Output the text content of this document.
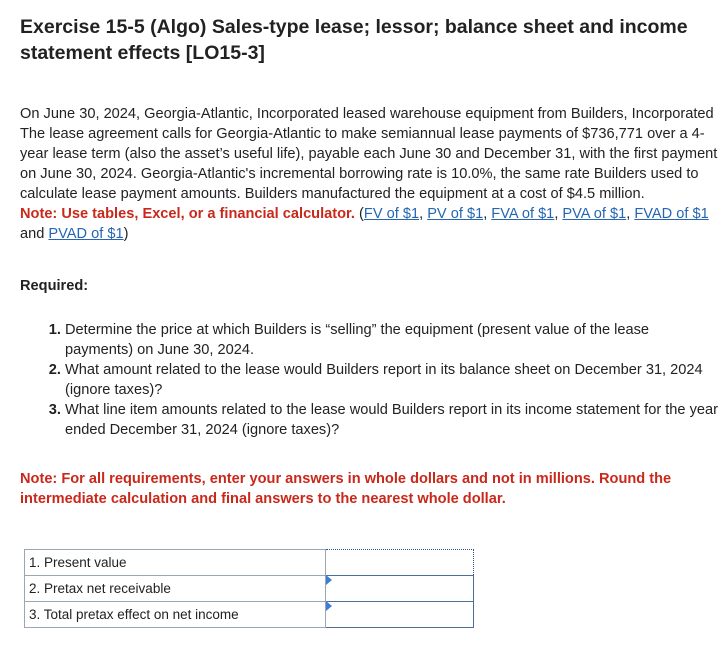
Exercise 15-5 (Algo) Sales-type lease; lessor; balance sheet and income statement effects [LO15-3]

On June 30, 2024, Georgia-Atlantic, Incorporated leased warehouse equipment from Builders, Incorporated The lease agreement calls for Georgia-Atlantic to make semiannual lease payments of $736,771 over a 4-year lease term (also the asset’s useful life), payable each June 30 and December 31, with the first payment on June 30, 2024. Georgia-Atlantic's incremental borrowing rate is 10.0%, the same rate Builders used to calculate lease payment amounts. Builders manufactured the equipment at a cost of $4.5 million.

Note: Use tables, Excel, or a financial calculator. (FV of $1, PV of $1, FVA of $1, PVA of $1, FVAD of $1 and PVAD of $1)

Required:
1. Determine the price at which Builders is “selling” the equipment (present value of the lease payments) on June 30, 2024.
2. What amount related to the lease would Builders report in its balance sheet on December 31, 2024 (ignore taxes)?
3. What line item amounts related to the lease would Builders report in its income statement for the year ended December 31, 2024 (ignore taxes)?
Note: For all requirements, enter your answers in whole dollars and not in millions. Round the intermediate calculation and final answers to the nearest whole dollar.
1. Present value	
2. Pretax net receivable	

3. Total pretax effect on net income	
